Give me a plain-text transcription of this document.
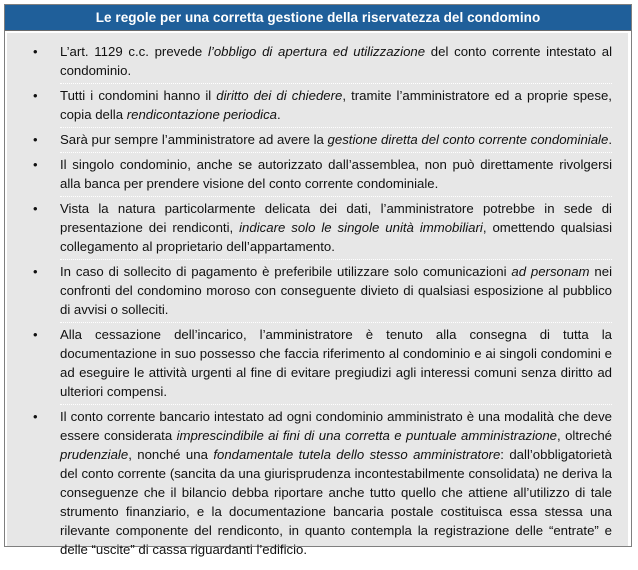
Le regole per una corretta gestione della riservatezza del condomino
• L’art. 1129 c.c. prevede l’obbligo di apertura ed utilizzazione del conto corrente intestato al condominio.
• Tutti i condomini hanno il diritto dei di chiedere, tramite l’amministratore ed a proprie spese, copia della rendicontazione periodica.
• Sarà pur sempre l’amministratore ad avere la gestione diretta del conto corrente condominiale.
• Il singolo condominio, anche se autorizzato dall’assemblea, non può direttamente rivolgersi alla banca per prendere visione del conto corrente condominiale.
• Vista la natura particolarmente delicata dei dati, l’amministratore potrebbe in sede di presentazione dei rendiconti, indicare solo le singole unità immobiliari, omettendo qualsiasi collegamento al proprietario dell’appartamento.
• In caso di sollecito di pagamento è preferibile utilizzare solo comunicazioni ad personam nei confronti del condomino moroso con conseguente divieto di qualsiasi esposizione al pubblico di avvisi o solleciti.
• Alla cessazione dell’incarico, l’amministratore è tenuto alla consegna di tutta la documentazione in suo possesso che faccia riferimento al condominio e ai singoli condomini e ad eseguire le attività urgenti al fine di evitare pregiudizi agli interessi comuni senza diritto ad ulteriori compensi.
• Il conto corrente bancario intestato ad ogni condominio amministrato è una modalità che deve essere considerata imprescindibile ai fini di una corretta e puntuale amministrazione, oltreché prudenziale, nonché una fondamentale tutela dello stesso amministratore: dall’obbligatorietà del conto corrente (sancita da una giurisprudenza incontestabilmente consolidata) ne deriva la conseguenze che il bilancio debba riportare anche tutto quello che attiene all’utilizzo di tale strumento finanziario, e la documentazione bancaria postale costituisca essa stessa una rilevante componente del rendiconto, in quanto contempla la registrazione delle “entrate” e delle “uscite” di cassa riguardanti l’edificio.
